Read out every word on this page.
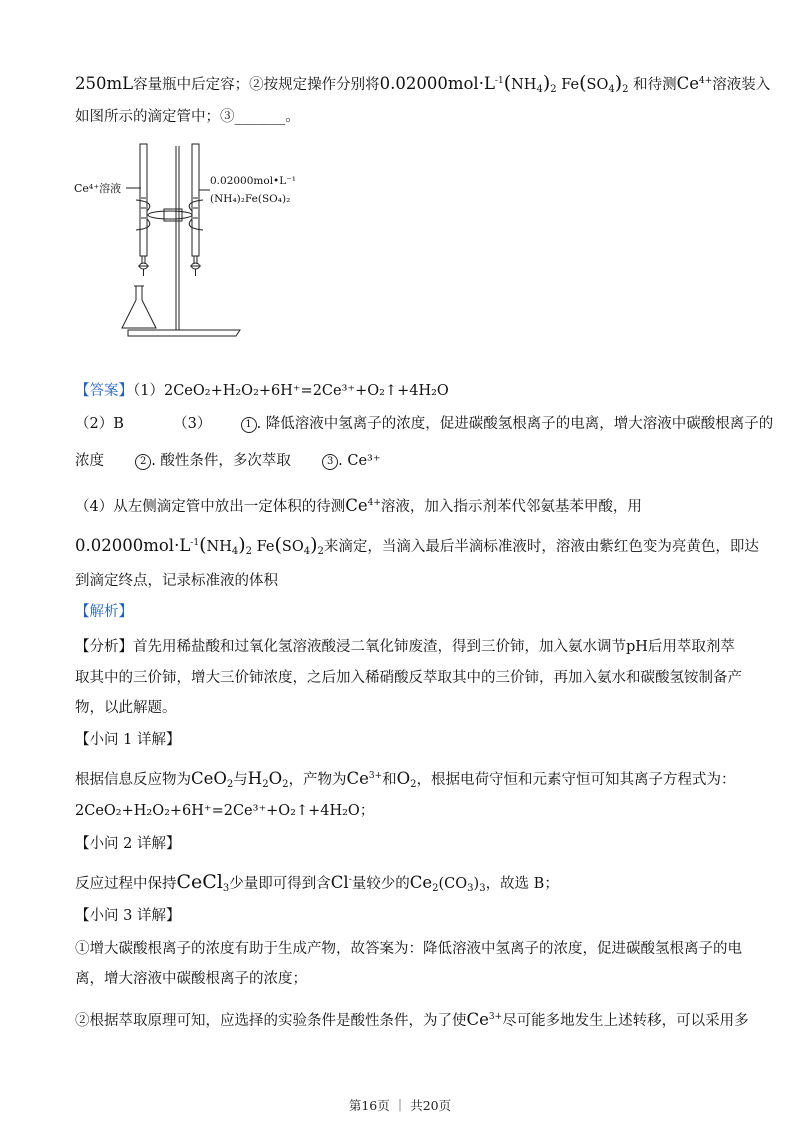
250mL容量瓶中后定容；②按规定操作分别将$0.02000mol\cdot L^{-1}(NH_4)_2$ $Fe(SO_4)_2$ 和待测$Ce^{4+}$溶液装入
如图所示的滴定管中；③_______。
Ce⁴⁺溶液
0.02000mol•L⁻¹
(NH₄)₂Fe(SO₄)₂
【答案】（1）2CeO₂+H₂O₂+6H⁺=2Ce³⁺+O₂↑+4H₂O
（2）B	（3）	1 . 降低溶液中氢离子的浓度，促进碳酸氢根离子的电离，增大溶液中碳酸根离子的
浓度	2 . 酸性条件，多次萃取	3 . Ce³⁺
（4）从左侧滴定管中放出一定体积的待测$Ce^{4+}$溶液，加入指示剂苯代邻氨基苯甲酸，用
$0.02000mol\cdot L^{-1}(NH_4)_2$ $Fe(SO_4)_2$来滴定，当滴入最后半滴标准液时，溶液由紫红色变为亮黄色，即达
到滴定终点，记录标准液的体积
【解析】
【分析】首先用稀盐酸和过氧化氢溶液酸浸二氧化铈废渣，得到三价铈，加入氨水调节pH后用萃取剂萃
取其中的三价铈，增大三价铈浓度，之后加入稀硝酸反萃取其中的三价铈，再加入氨水和碳酸氢铵制备产
物，以此解题。
【小问 1 详解】
根据信息反应物为CeO$_2$与$H_2O_2$，产物为$Ce^{3+}$和$O_2$，根据电荷守恒和元素守恒可知其离子方程式为：
2CeO₂+H₂O₂+6H⁺=2Ce³⁺+O₂↑+4H₂O；
【小问 2 详解】
反应过程中保持CeCl$_3$少量即可得到含Cl-量较少的$Ce_2(CO_3)_3$，故选 B；
【小问 3 详解】
①增大碳酸根离子的浓度有助于生成产物，故答案为：降低溶液中氢离子的浓度，促进碳酸氢根离子的电
离，增大溶液中碳酸根离子的浓度；
②根据萃取原理可知，应选择的实验条件是酸性条件，为了使$Ce^{3+}$尽可能多地发生上述转移，可以采用多
第16页 ｜ 共20页
